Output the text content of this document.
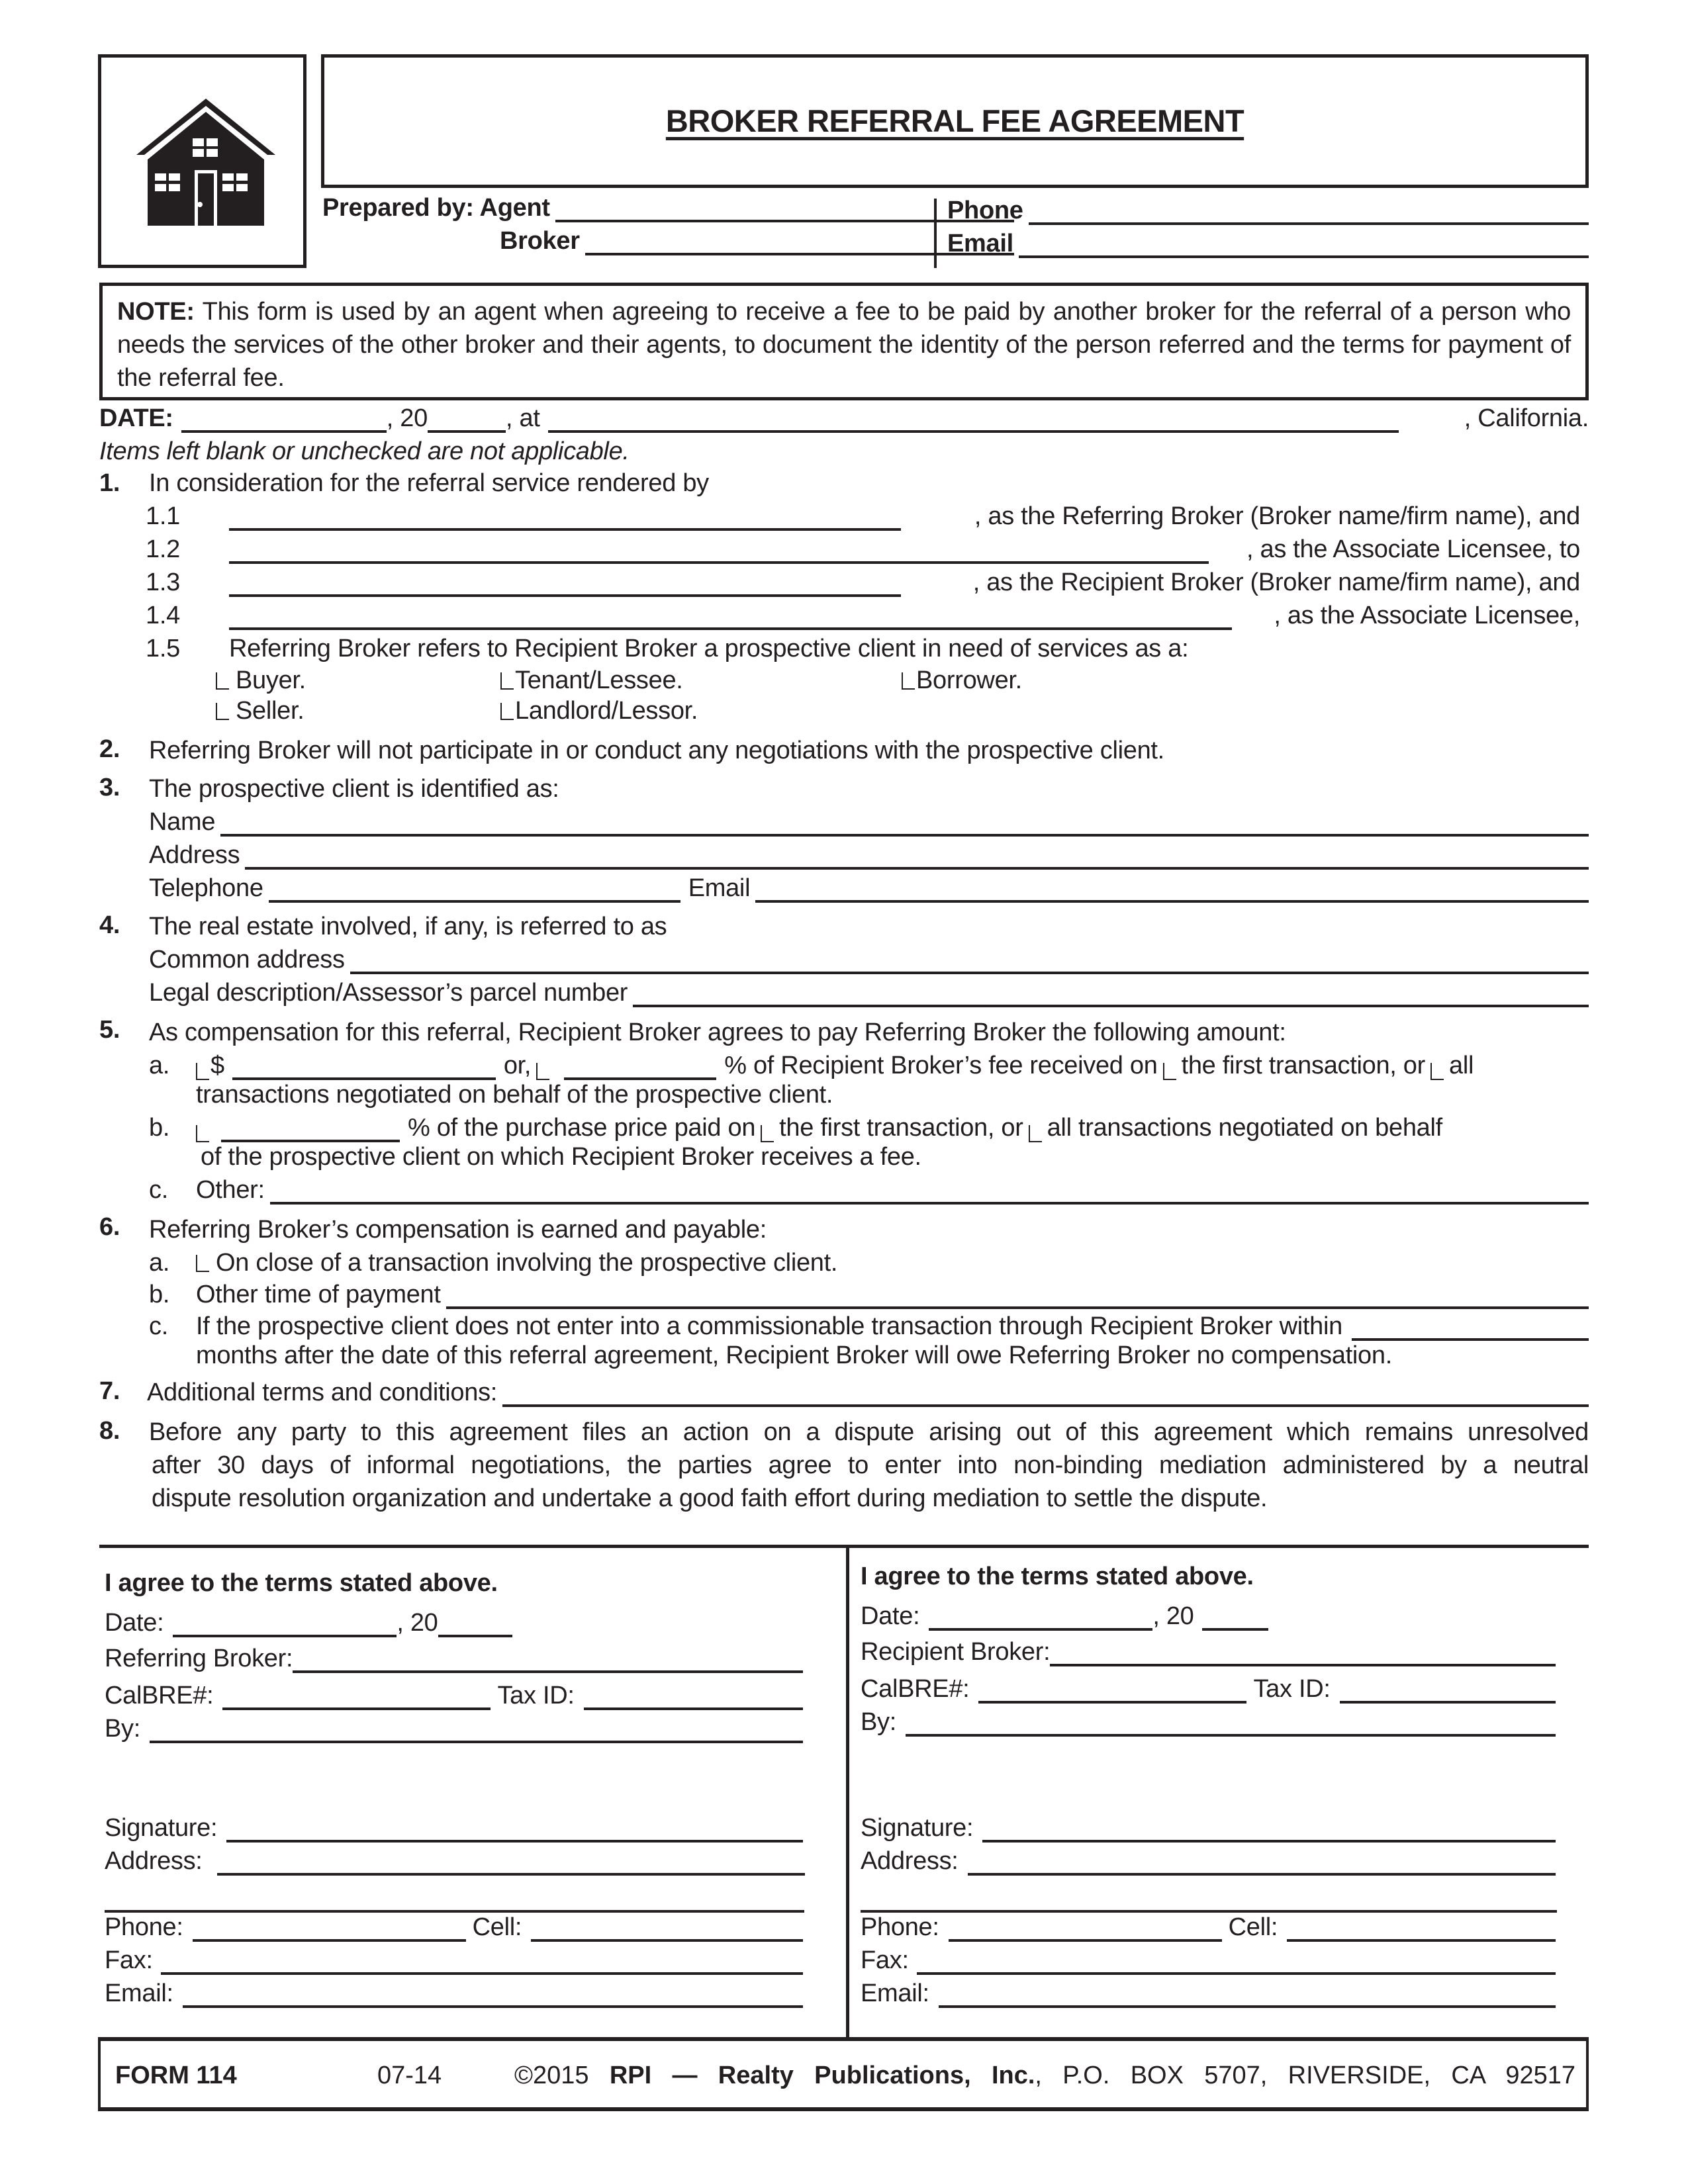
BROKER REFERRAL FEE AGREEMENT
Prepared by: Agent
Broker
Phone
Email
NOTE: This form is used by an agent when agreeing to receive a fee to be paid by another broker for the referral of a person who needs the services of the other broker and their agents, to document the identity of the person referred and the terms for payment of the referral fee.
DATE:	, 20	, at	, California.
Items left blank or unchecked are not applicable.
1. In consideration for the referral service rendered by
1.1	, as the Referring Broker (Broker name/firm name), and
1.2	, as the Associate Licensee, to
1.3	, as the Recipient Broker (Broker name/firm name), and
1.4	, as the Associate Licensee,
1.5 Referring Broker refers to Recipient Broker a prospective client in need of services as a:
Buyer.	Tenant/Lessee.	Borrower.
Seller.	Landlord/Lessor.
2. Referring Broker will not participate in or conduct any negotiations with the prospective client.
3. The prospective client is identified as:
Name
Address
Telephone	Email
4. The real estate involved, if any, is referred to as
Common address
Legal description/Assessor’s parcel number
5. As compensation for this referral, Recipient Broker agrees to pay Referring Broker the following amount:
a. $	or,	% of Recipient Broker’s fee received on the first transaction, or all
transactions negotiated on behalf of the prospective client.
b.	% of the purchase price paid on the first transaction, or all transactions negotiated on behalf
of the prospective client on which Recipient Broker receives a fee.
c. Other:
6. Referring Broker’s compensation is earned and payable:
a.	On close of a transaction involving the prospective client.
b. Other time of payment
c. If the prospective client does not enter into a commissionable transaction through Recipient Broker within
months after the date of this referral agreement, Recipient Broker will owe Referring Broker no compensation.
7. Additional terms and conditions:
8. Before any party to this agreement files an action on a dispute arising out of this agreement which remains unresolved
after 30 days of informal negotiations, the parties agree to enter into non-binding mediation administered by a neutral
dispute resolution organization and undertake a good faith effort during mediation to settle the dispute.
I agree to the terms stated above.
Date:	, 20
Referring Broker:
CalBRE#:	Tax ID:
By:
Signature:
Address:
Phone:	Cell:
Fax:
Email:
I agree to the terms stated above.
Date:	, 20
Recipient Broker:
CalBRE#:	Tax ID:
By:
Signature:
Address:
Phone:	Cell:
Fax:
Email:
FORM 114	07-14	©2015 RPI — Realty Publications, Inc., P.O. BOX 5707, RIVERSIDE, CA 92517
